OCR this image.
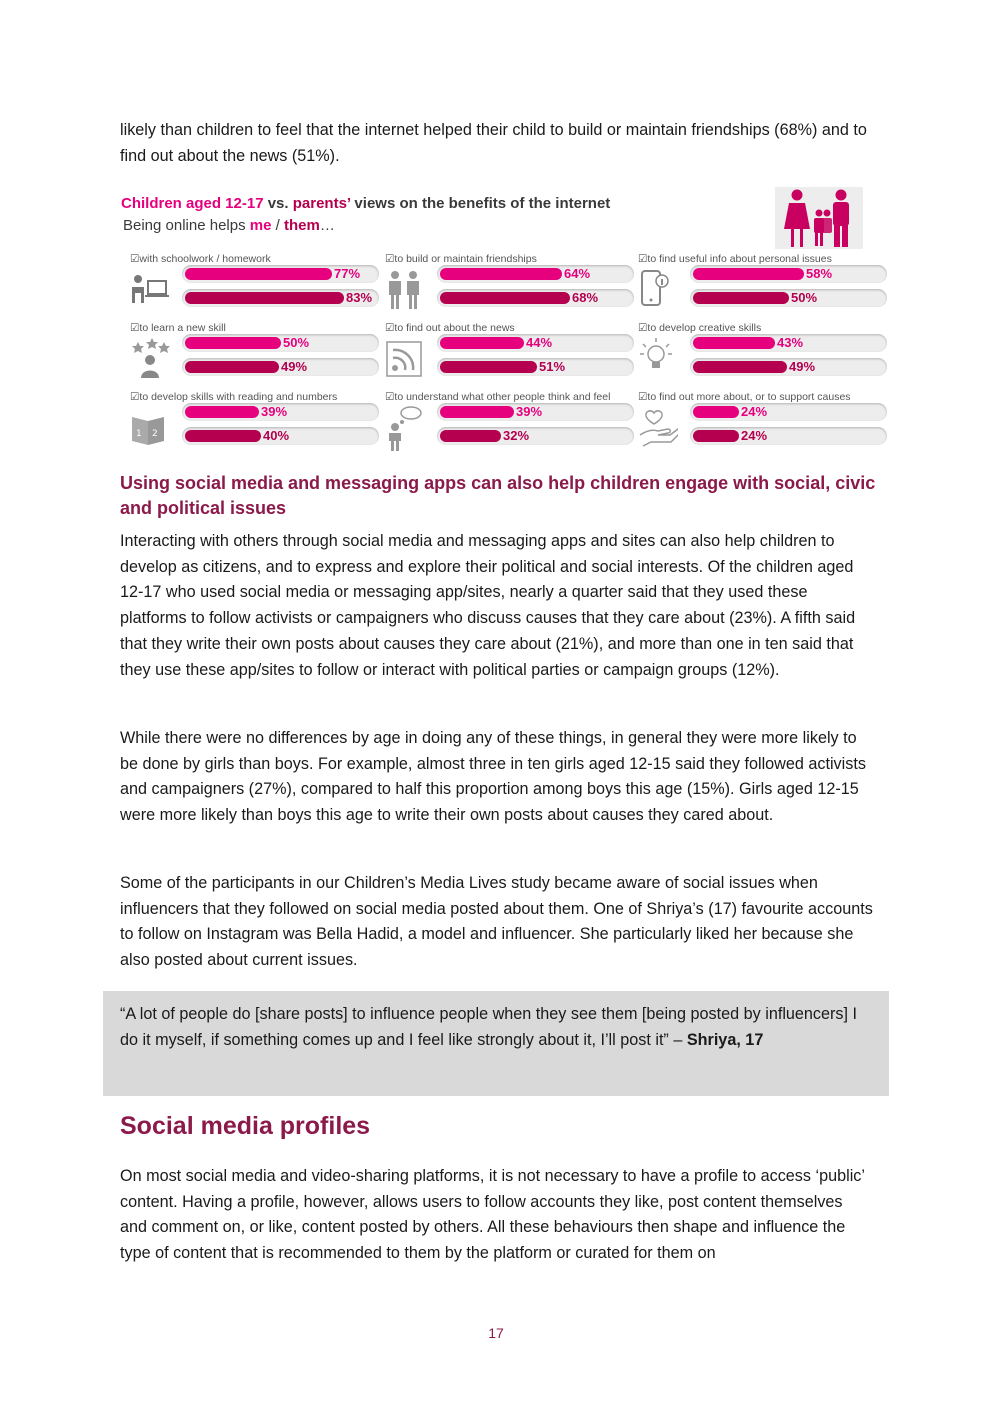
likely than children to feel that the internet helped their child to build or maintain friendships (68%) and to find out about the news (51%).

Children aged 12-17 vs. parents’ views on the benefits of the internet
Being online helps me / them…
☑with schoolwork / homework
77%
83%
☑to build or maintain friendships
64%
68%
☑to find useful info about personal issues
58%
50%
☑to learn a new skill
50%
49%
☑to find out about the news
44%
51%
☑to develop creative skills
43%
49%
☑to develop skills with reading and numbers
1 2
39%
40%
☑to understand what other people think and feel
39%
32%
☑to find out more about, or to support causes
24%
24%
Using social media and messaging apps can also help children engage with social, civic and political issues

Interacting with others through social media and messaging apps and sites can also help children to develop as citizens, and to express and explore their political and social interests. Of the children aged 12-17 who used social media or messaging app/sites, nearly a quarter said that they used these platforms to follow activists or campaigners who discuss causes that they care about (23%). A fifth said that they write their own posts about causes they care about (21%), and more than one in ten said that they use these app/sites to follow or interact with political parties or campaign groups (12%).

While there were no differences by age in doing any of these things, in general they were more likely to be done by girls than boys. For example, almost three in ten girls aged 12-15 said they followed activists and campaigners (27%), compared to half this proportion among boys this age (15%). Girls aged 12-15 were more likely than boys this age to write their own posts about causes they cared about.

Some of the participants in our Children’s Media Lives study became aware of social issues when influencers that they followed on social media posted about them. One of Shriya’s (17) favourite accounts to follow on Instagram was Bella Hadid, a model and influencer. She particularly liked her because she also posted about current issues.

“A lot of people do [share posts] to influence people when they see them [being posted by influencers] I do it myself, if something comes up and I feel like strongly about it, I’ll post it” – Shriya, 17
Social media profiles

On most social media and video-sharing platforms, it is not necessary to have a profile to access ‘public’ content. Having a profile, however, allows users to follow accounts they like, post content themselves and comment on, or like, content posted by others. All these behaviours then shape and influence the type of content that is recommended to them by the platform or curated for them on

17
